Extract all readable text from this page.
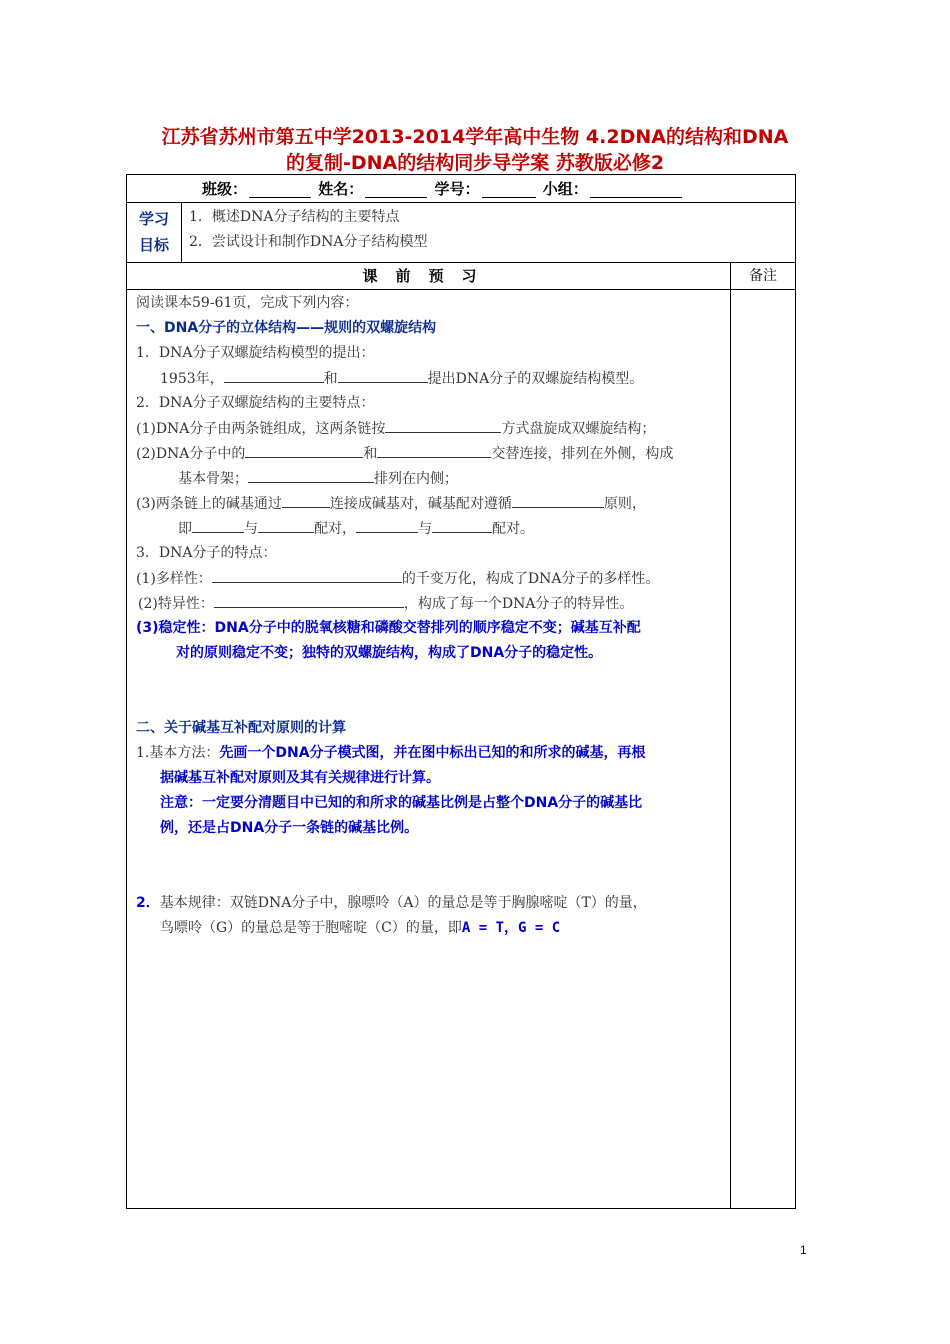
江苏省苏州市第五中学2013-2014学年高中生物 4.2DNA的结构和DNA
的复制-DNA的结构同步导学案 苏教版必修2
班级：	姓名：	学号：	小组：
学习
目标
1．概述DNA分子结构的主要特点
2．尝试设计和制作DNA分子结构模型
课前预习	备注
阅读课本59-61页，完成下列内容：
一、DNA分子的立体结构——规则的双螺旋结构
1．DNA分子双螺旋结构模型的提出：
1953年，	和	提出DNA分子的双螺旋结构模型。
2．DNA分子双螺旋结构的主要特点：
(1)DNA分子由两条链组成，这两条链按	方式盘旋成双螺旋结构；
(2)DNA分子中的	和	交替连接，排列在外侧，构成
基本骨架；	排列在内侧；
(3)两条链上的碱基通过	连接成碱基对，碱基配对遵循	原则，
即	与	配对，	与	配对。
3．DNA分子的特点：
(1)多样性：	的千变万化，构成了DNA分子的多样性。
(2)特异性：	，构成了每一个DNA分子的特异性。
(3)稳定性：DNA分子中的脱氧核糖和磷酸交替排列的顺序稳定不变；碱基互补配
对的原则稳定不变；独特的双螺旋结构，构成了DNA分子的稳定性。
二、关于碱基互补配对原则的计算
1.基本方法：先画一个DNA分子模式图，并在图中标出已知的和所求的碱基，再根
据碱基互补配对原则及其有关规律进行计算。
注意：一定要分清题目中已知的和所求的碱基比例是占整个DNA分子的碱基比
例，还是占DNA分子一条链的碱基比例。
2．基本规律：双链DNA分子中，腺嘌呤（A）的量总是等于胸腺嘧啶（T）的量，
鸟嘌呤（G）的量总是等于胞嘧啶（C）的量，即A = T，G = C
1
